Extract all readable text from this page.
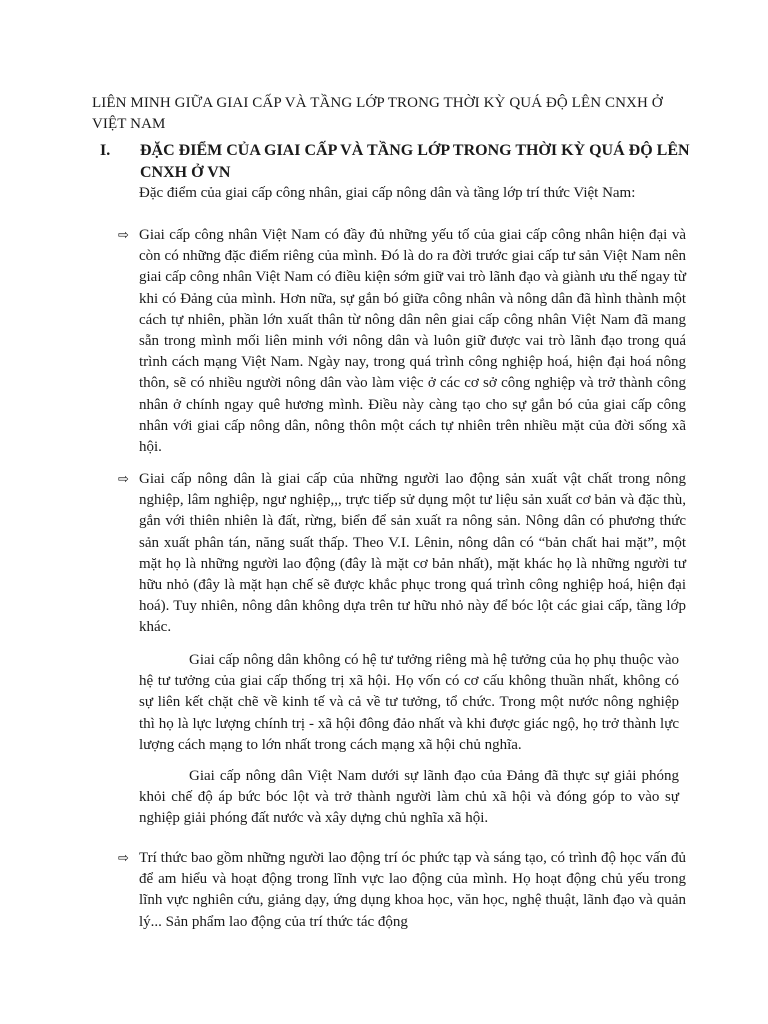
LIÊN MINH GIỮA GIAI CẤP VÀ TẦNG LỚP TRONG THỜI KỲ QUÁ ĐỘ LÊN CNXH Ở VIỆT NAM
I. ĐẶC ĐIỂM CỦA GIAI CẤP VÀ TẦNG LỚP TRONG THỜI KỲ QUÁ ĐỘ LÊN CNXH Ở VN
Đặc điểm của giai cấp công nhân, giai cấp nông dân và tầng lớp trí thức Việt Nam:
⇨ Giai cấp công nhân Việt Nam có đầy đủ những yếu tố của giai cấp công nhân hiện đại và còn có những đặc điểm riêng của mình. Đó là do ra đời trước giai cấp tư sản Việt Nam nên giai cấp công nhân Việt Nam có điều kiện sớm giữ vai trò lãnh đạo và giành ưu thế ngay từ khi có Đảng của mình. Hơn nữa, sự gắn bó giữa công nhân và nông dân đã hình thành một cách tự nhiên, phần lớn xuất thân từ nông dân nên giai cấp công nhân Việt Nam đã mang sẵn trong mình mối liên minh với nông dân và luôn giữ được vai trò lãnh đạo trong quá trình cách mạng Việt Nam. Ngày nay, trong quá trình công nghiệp hoá, hiện đại hoá nông thôn, sẽ có nhiều người nông dân vào làm việc ở các cơ sở công nghiệp và trở thành công nhân ở chính ngay quê hương mình. Điều này càng tạo cho sự gắn bó của giai cấp công nhân với giai cấp nông dân, nông thôn một cách tự nhiên trên nhiều mặt của đời sống xã hội.
⇨ Giai cấp nông dân là giai cấp của những người lao động sản xuất vật chất trong nông nghiệp, lâm nghiệp, ngư nghiệp,,, trực tiếp sử dụng một tư liệu sản xuất cơ bản và đặc thù, gắn với thiên nhiên là đất, rừng, biển để sản xuất ra nông sản. Nông dân có phương thức sản xuất phân tán, năng suất thấp. Theo V.I. Lênin, nông dân có “bản chất hai mặt”, một mặt họ là những người lao động (đây là mặt cơ bản nhất), mặt khác họ là những người tư hữu nhỏ (đây là mặt hạn chế sẽ được khắc phục trong quá trình công nghiệp hoá, hiện đại hoá). Tuy nhiên, nông dân không dựa trên tư hữu nhỏ này để bóc lột các giai cấp, tầng lớp khác.
Giai cấp nông dân không có hệ tư tưởng riêng mà hệ tưởng của họ phụ thuộc vào hệ tư tưởng của giai cấp thống trị xã hội. Họ vốn có cơ cấu không thuần nhất, không có sự liên kết chặt chẽ về kinh tế và cả về tư tưởng, tổ chức. Trong một nước nông nghiệp thì họ là lực lượng chính trị - xã hội đông đảo nhất và khi được giác ngộ, họ trở thành lực lượng cách mạng to lớn nhất trong cách mạng xã hội chủ nghĩa.
Giai cấp nông dân Việt Nam dưới sự lãnh đạo của Đảng đã thực sự giải phóng khỏi chế độ áp bức bóc lột và trở thành người làm chủ xã hội và đóng góp to vào sự nghiệp giải phóng đất nước và xây dựng chủ nghĩa xã hội.
⇨ Trí thức bao gồm những người lao động trí óc phức tạp và sáng tạo, có trình độ học vấn đủ để am hiểu và hoạt động trong lĩnh vực lao động của mình. Họ hoạt động chủ yếu trong lĩnh vực nghiên cứu, giảng dạy, ứng dụng khoa học, văn học, nghệ thuật, lãnh đạo và quản lý... Sản phẩm lao động của trí thức tác động
